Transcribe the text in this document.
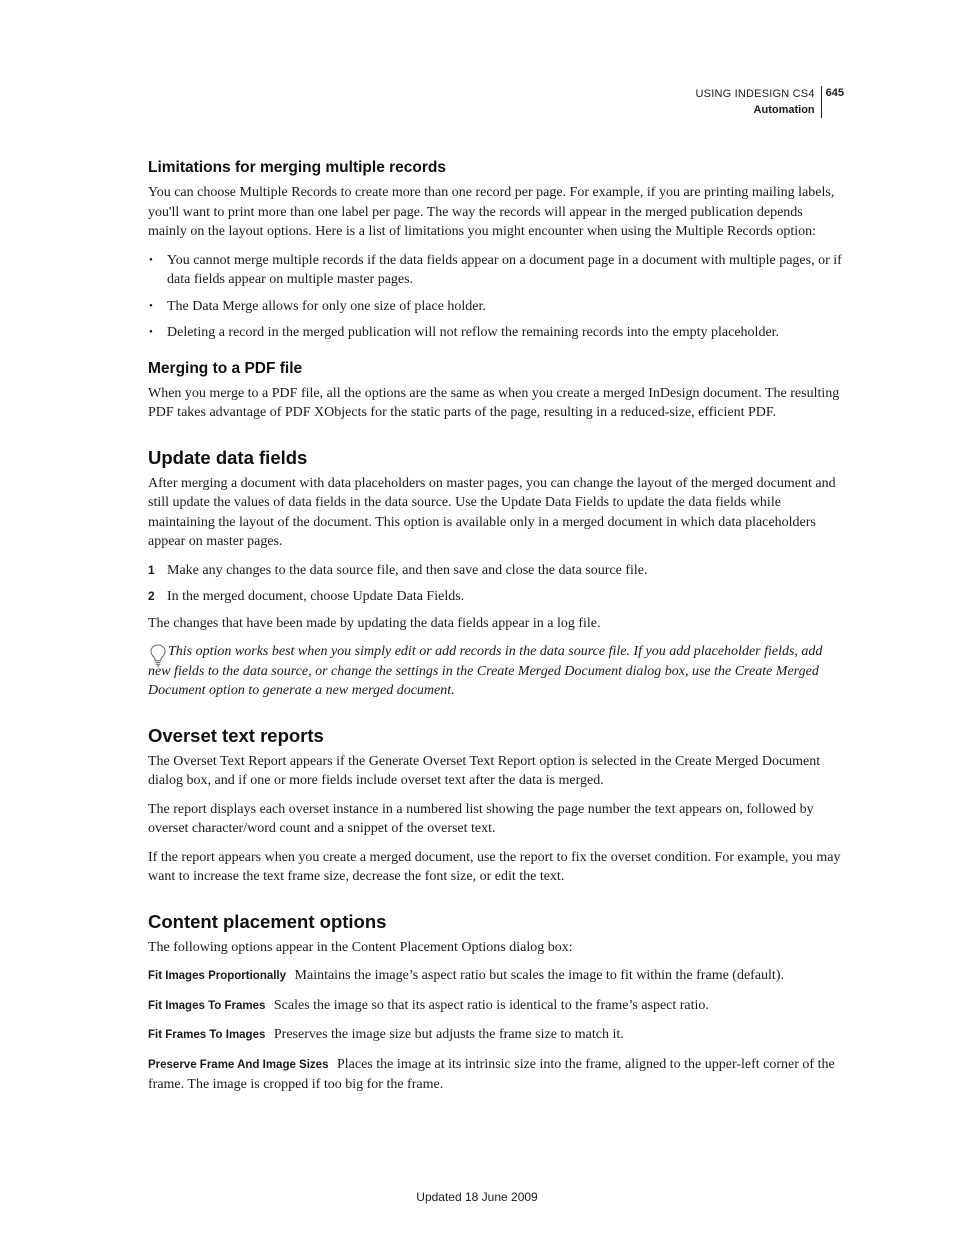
USING INDESIGN CS4
Automation
645
Limitations for merging multiple records

You can choose Multiple Records to create more than one record per page. For example, if you are printing mailing labels, you'll want to print more than one label per page. The way the records will appear in the merged publication depends mainly on the layout options. Here is a list of limitations you might encounter when using the Multiple Records option:

• You cannot merge multiple records if the data fields appear on a document page in a document with multiple pages, or if data fields appear on multiple master pages.
• The Data Merge allows for only one size of place holder.
• Deleting a record in the merged publication will not reflow the remaining records into the empty placeholder.
Merging to a PDF file

When you merge to a PDF file, all the options are the same as when you create a merged InDesign document. The resulting PDF takes advantage of PDF XObjects for the static parts of the page, resulting in a reduced-size, efficient PDF.

Update data fields

After merging a document with data placeholders on master pages, you can change the layout of the merged document and still update the values of data fields in the data source. Use the Update Data Fields to update the data fields while maintaining the layout of the document. This option is available only in a merged document in which data placeholders appear on master pages.

1 Make any changes to the data source file, and then save and close the data source file.
2 In the merged document, choose Update Data Fields.

The changes that have been made by updating the data fields appear in a log file.

This option works best when you simply edit or add records in the data source file. If you add placeholder fields, add new fields to the data source, or change the settings in the Create Merged Document dialog box, use the Create Merged Document option to generate a new merged document.

Overset text reports

The Overset Text Report appears if the Generate Overset Text Report option is selected in the Create Merged Document dialog box, and if one or more fields include overset text after the data is merged.

The report displays each overset instance in a numbered list showing the page number the text appears on, followed by overset character/word count and a snippet of the overset text.

If the report appears when you create a merged document, use the report to fix the overset condition. For example, you may want to increase the text frame size, decrease the font size, or edit the text.

Content placement options

The following options appear in the Content Placement Options dialog box:

Fit Images Proportionally Maintains the image’s aspect ratio but scales the image to fit within the frame (default).

Fit Images To Frames Scales the image so that its aspect ratio is identical to the frame’s aspect ratio.

Fit Frames To Images Preserves the image size but adjusts the frame size to match it.

Preserve Frame And Image Sizes Places the image at its intrinsic size into the frame, aligned to the upper-left corner of the frame. The image is cropped if too big for the frame.

Updated 18 June 2009
